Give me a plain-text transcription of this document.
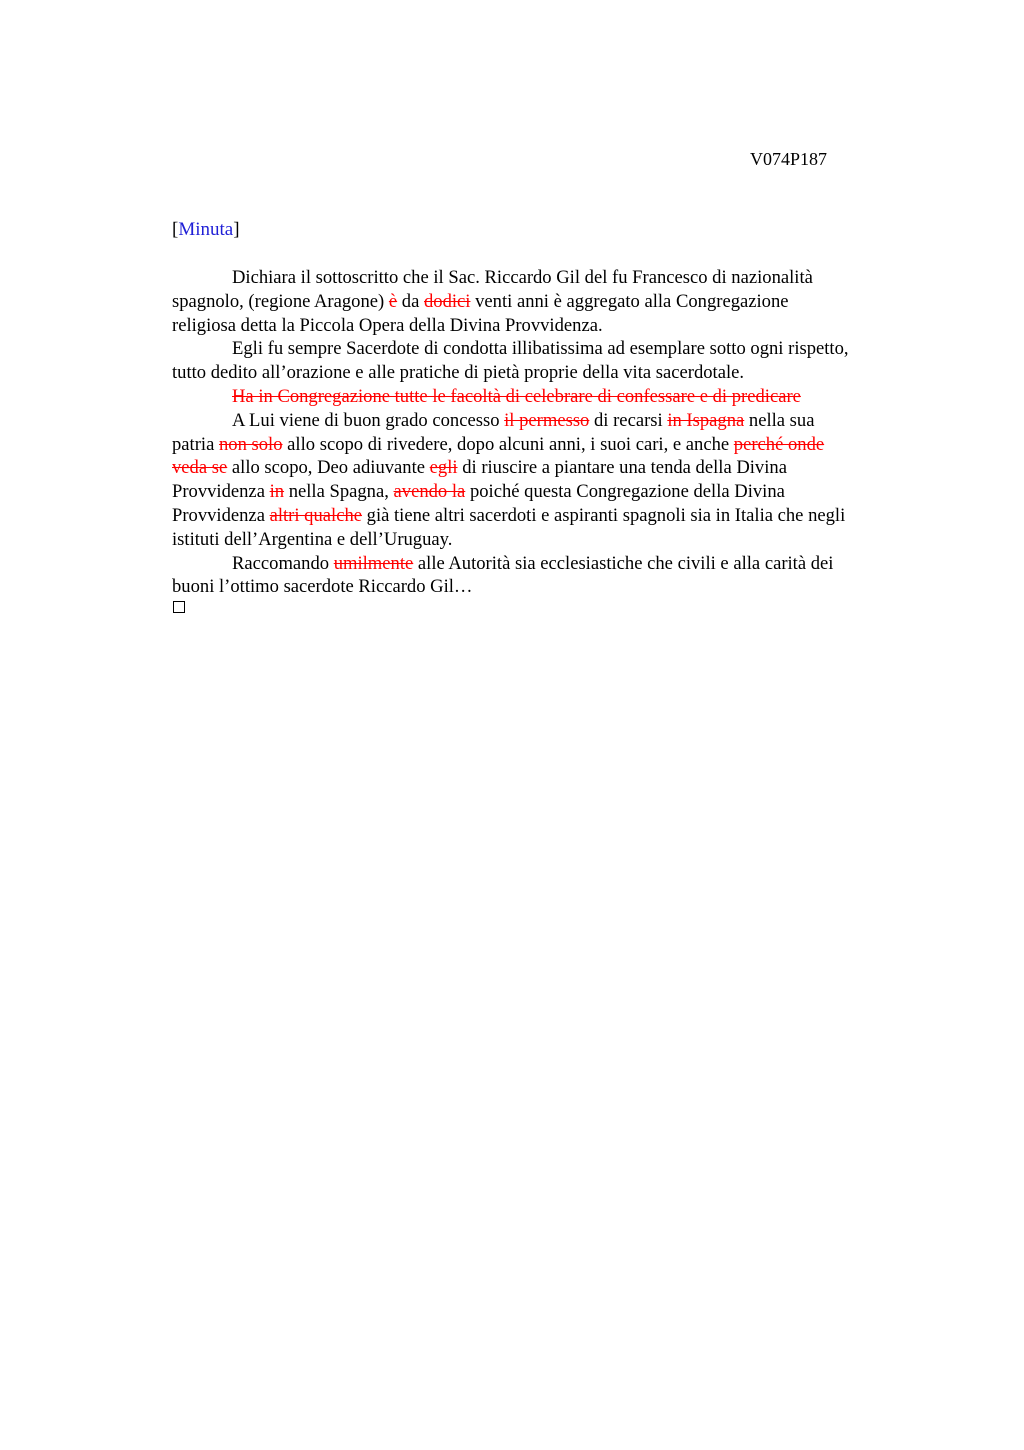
V074P187
[Minuta]

Dichiara il sottoscritto che il Sac. Riccardo Gil del fu Francesco di nazionalità

spagnolo, (regione Aragone) è da dodici venti anni è aggregato alla Congregazione

religiosa detta la Piccola Opera della Divina Provvidenza.

Egli fu sempre Sacerdote di condotta illibatissima ad esemplare sotto ogni rispetto,

tutto dedito all’orazione e alle pratiche di pietà proprie della vita sacerdotale.

Ha in Congregazione tutte le facoltà di celebrare di confessare e di predicare

A Lui viene di buon grado concesso il permesso di recarsi in Ispagna nella sua

patria non solo allo scopo di rivedere, dopo alcuni anni, i suoi cari, e anche perché onde

veda se allo scopo, Deo adiuvante egli di riuscire a piantare una tenda della Divina

Provvidenza in nella Spagna, avendo la poiché questa Congregazione della Divina

Provvidenza altri qualche già tiene altri sacerdoti e aspiranti spagnoli sia in Italia che negli

istituti dell’Argentina e dell’Uruguay.

Raccomando umilmente alle Autorità sia ecclesiastiche che civili e alla carità dei

buoni l’ottimo sacerdote Riccardo Gil…
